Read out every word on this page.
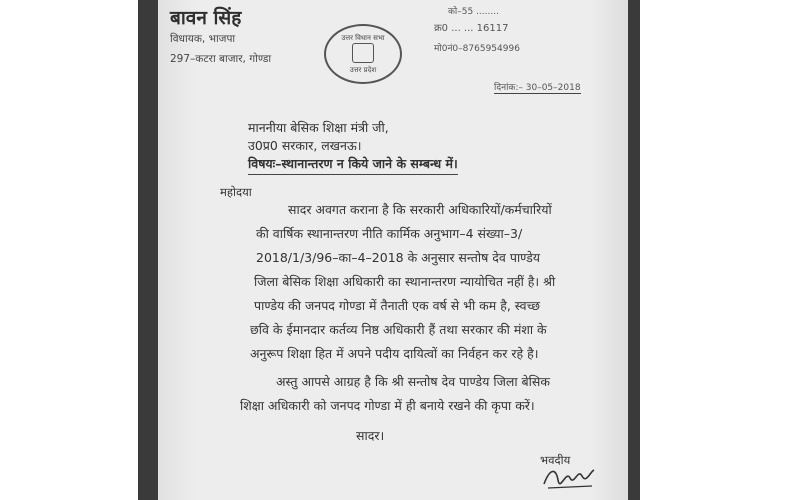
बावन सिंह
विधायक, भाजपा
297–कटरा बाजार, गोण्डा
उत्तर विधान सभा
उत्तर प्रदेश
को–55 ........
क्र0 ... ... 16117
मो0नं0–8765954996
दिनांक:– 30–05–2018
माननीया बेसिक शिक्षा मंत्री जी,
उ0प्र0 सरकार, लखनऊ।
विषयः–स्थानान्तरण न किये जाने के सम्बन्ध में।
महोदया
सादर अवगत कराना है कि सरकारी अधिकारियों/कर्मचारियों
की वार्षिक स्थानान्तरण नीति कार्मिक अनुभाग–4 संख्या–3/
2018/1/3/96–का–4–2018 के अनुसार सन्तोष देव पाण्डेय
जिला बेसिक शिक्षा अधिकारी का स्थानान्तरण न्यायोचित नहीं है। श्री
पाण्डेय की जनपद गोण्डा में तैनाती एक वर्ष से भी कम है, स्वच्छ
छवि के ईमानदार कर्तव्य निष्ठ अधिकारी हैं तथा सरकार की मंशा के
अनुरूप शिक्षा हित में अपने पदीय दायित्वों का निर्वहन कर रहे है।
अस्तु आपसे आग्रह है कि श्री सन्तोष देव पाण्डेय जिला बेसिक
शिक्षा अधिकारी को जनपद गोण्डा में ही बनाये रखने की कृपा करें।
सादर।
भवदीय
